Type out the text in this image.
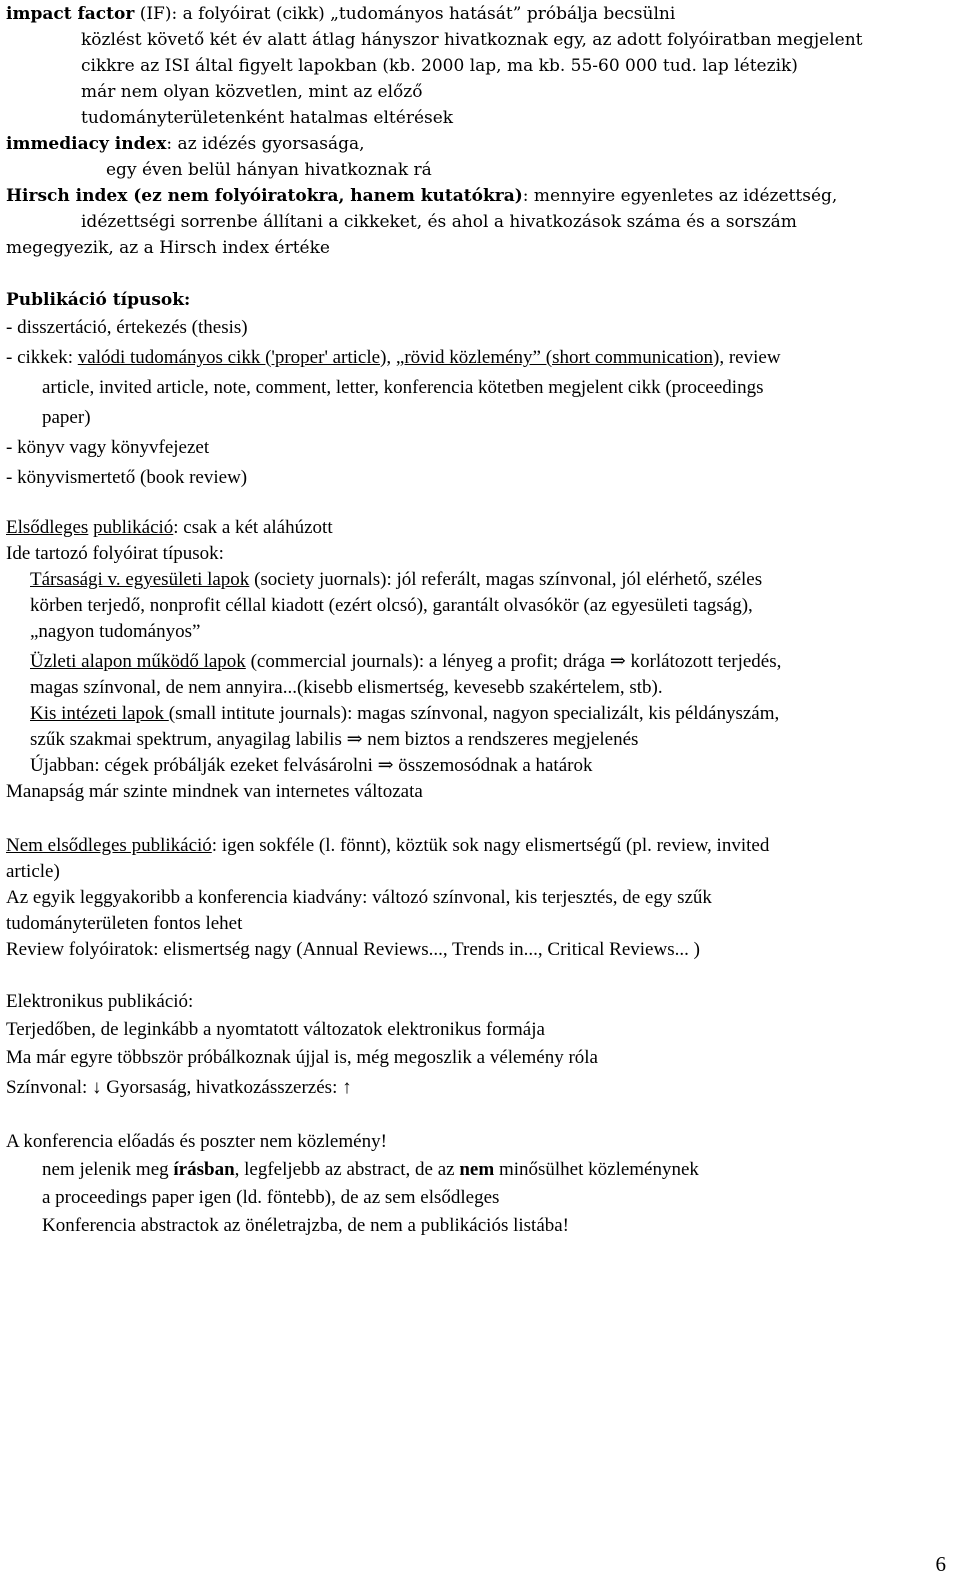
impact factor (IF): a folyóirat (cikk) „tudományos hatását” próbálja becsülni
közlést követő két év alatt átlag hányszor hivatkoznak egy, az adott folyóiratban megjelent
cikkre az ISI által figyelt lapokban (kb. 2000 lap, ma kb. 55-60 000 tud. lap létezik)
már nem olyan közvetlen, mint az előző
tudományterületenként hatalmas eltérések
immediacy index: az idézés gyorsasága,
egy éven belül hányan hivatkoznak rá
Hirsch index (ez nem folyóiratokra, hanem kutatókra): mennyire egyenletes az idézettség,
idézettségi sorrenbe állítani a cikkeket, és ahol a hivatkozások száma és a sorszám
megegyezik, az a Hirsch index értéke
Publikáció típusok:
- disszertáció, értekezés (thesis)
- cikkek: valódi tudományos cikk ('proper' article), „rövid közlemény” (short communication), review
article, invited article, note, comment, letter, konferencia kötetben megjelent cikk (proceedings
paper)
- könyv vagy könyvfejezet
- könyvismertető (book review)
Elsődleges publikáció: csak a két aláhúzott
Ide tartozó folyóirat típusok:
Társasági v. egyesületi lapok (society juornals): jól referált, magas színvonal, jól elérhető, széles
körben terjedő, nonprofit céllal kiadott (ezért olcsó), garantált olvasókör (az egyesületi tagság),
„nagyon tudományos”
Üzleti alapon működő lapok (commercial journals): a lényeg a profit; drága ⇒ korlátozott terjedés,
magas színvonal, de nem annyira...(kisebb elismertség, kevesebb szakértelem, stb).
Kis intézeti lapok (small intitute journals): magas színvonal, nagyon specializált, kis példányszám,
szűk szakmai spektrum, anyagilag labilis ⇒ nem biztos a rendszeres megjelenés
Újabban: cégek próbálják ezeket felvásárolni ⇒ összemosódnak a határok
Manapság már szinte mindnek van internetes változata
Nem elsődleges publikáció: igen sokféle (l. fönnt), köztük sok nagy elismertségű (pl. review, invited
article)
Az egyik leggyakoribb a konferencia kiadvány: változó színvonal, kis terjesztés, de egy szűk
tudományterületen fontos lehet
Review folyóiratok: elismertség nagy (Annual Reviews..., Trends in..., Critical Reviews... )
Elektronikus publikáció:
Terjedőben, de leginkább a nyomtatott változatok elektronikus formája
Ma már egyre többször próbálkoznak újjal is, még megoszlik a vélemény róla
Színvonal: ↓ Gyorsaság, hivatkozásszerzés: ↑
A konferencia előadás és poszter nem közlemény!
nem jelenik meg írásban, legfeljebb az abstract, de az nem minősülhet közleménynek
a proceedings paper igen (ld. föntebb), de az sem elsődleges
Konferencia abstractok az önéletrajzba, de nem a publikációs listába!
6
